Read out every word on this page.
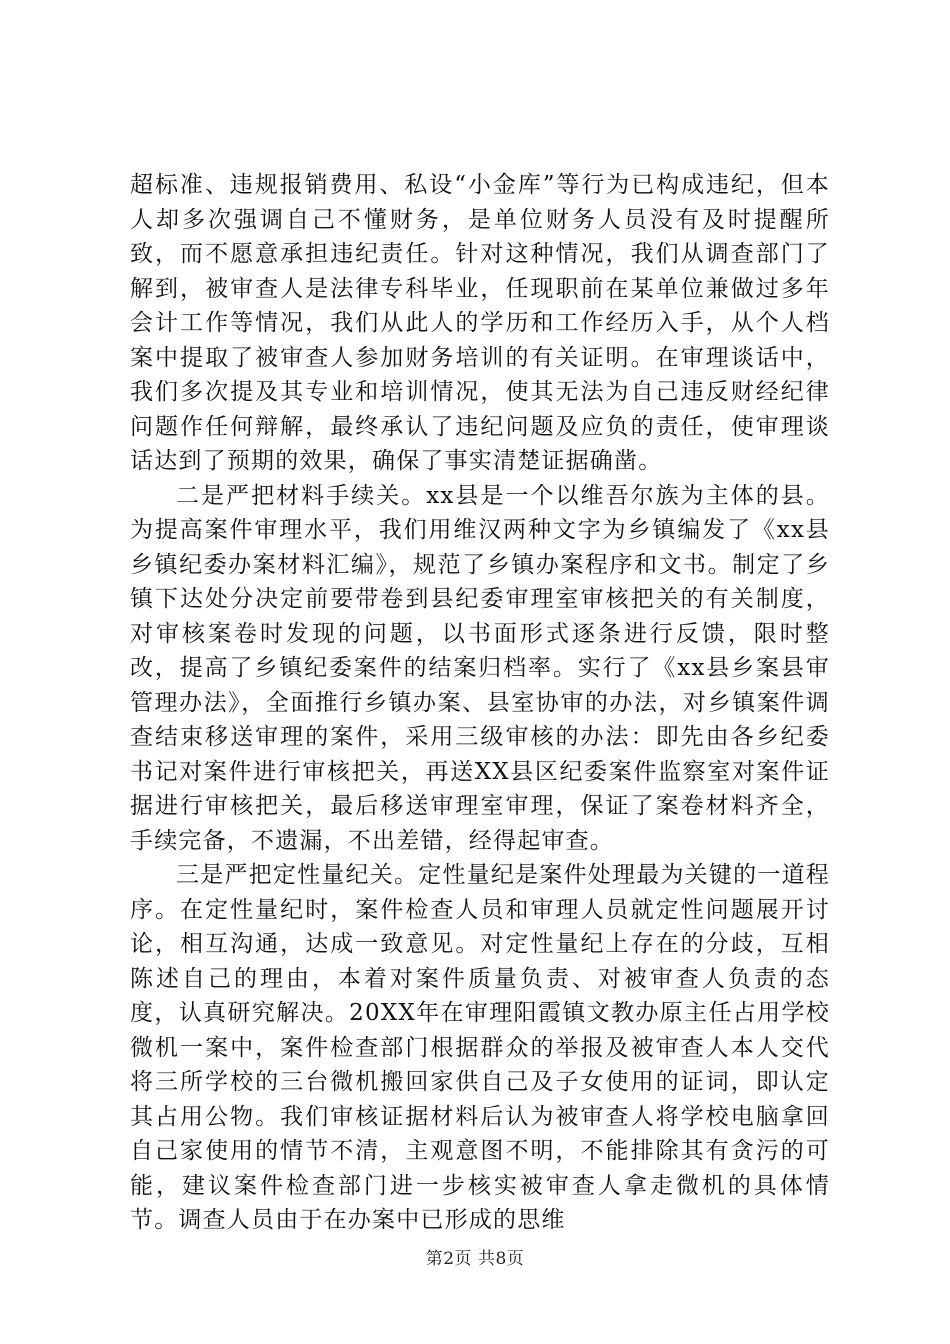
超标准、违规报销费用、私设“小金库”等行为已构成违纪，但本人却多次强调自己不懂财务，是单位财务人员没有及时提醒所致，而不愿意承担违纪责任。针对这种情况，我们从调查部门了解到，被审查人是法律专科毕业，任现职前在某单位兼做过多年会计工作等情况，我们从此人的学历和工作经历入手，从个人档案中提取了被审查人参加财务培训的有关证明。在审理谈话中，我们多次提及其专业和培训情况，使其无法为自己违反财经纪律问题作任何辩解，最终承认了违纪问题及应负的责任，使审理谈话达到了预期的效果，确保了事实清楚证据确凿。

二是严把材料手续关。xx县是一个以维吾尔族为主体的县。为提高案件审理水平，我们用维汉两种文字为乡镇编发了《xx县乡镇纪委办案材料汇编》，规范了乡镇办案程序和文书。制定了乡镇下达处分决定前要带卷到县纪委审理室审核把关的有关制度，对审核案卷时发现的问题，以书面形式逐条进行反馈，限时整改，提高了乡镇纪委案件的结案归档率。实行了《xx县乡案县审管理办法》，全面推行乡镇办案、县室协审的办法，对乡镇案件调查结束移送审理的案件，采用三级审核的办法：即先由各乡纪委书记对案件进行审核把关，再送XX县区纪委案件监察室对案件证据进行审核把关，最后移送审理室审理，保证了案卷材料齐全，手续完备，不遗漏，不出差错，经得起审查。

三是严把定性量纪关。定性量纪是案件处理最为关键的一道程序。在定性量纪时，案件检查人员和审理人员就定性问题展开讨论，相互沟通，达成一致意见。对定性量纪上存在的分歧，互相陈述自己的理由，本着对案件质量负责、对被审查人负责的态度，认真研究解决。20XX年在审理阳霞镇文教办原主任占用学校微机一案中，案件检查部门根据群众的举报及被审查人本人交代将三所学校的三台微机搬回家供自己及子女使用的证词，即认定其占用公物。我们审核证据材料后认为被审查人将学校电脑拿回自己家使用的情节不清，主观意图不明，不能排除其有贪污的可能，建议案件检查部门进一步核实被审查人拿走微机的具体情节。调查人员由于在办案中已形成的思维

第2页 共8页
